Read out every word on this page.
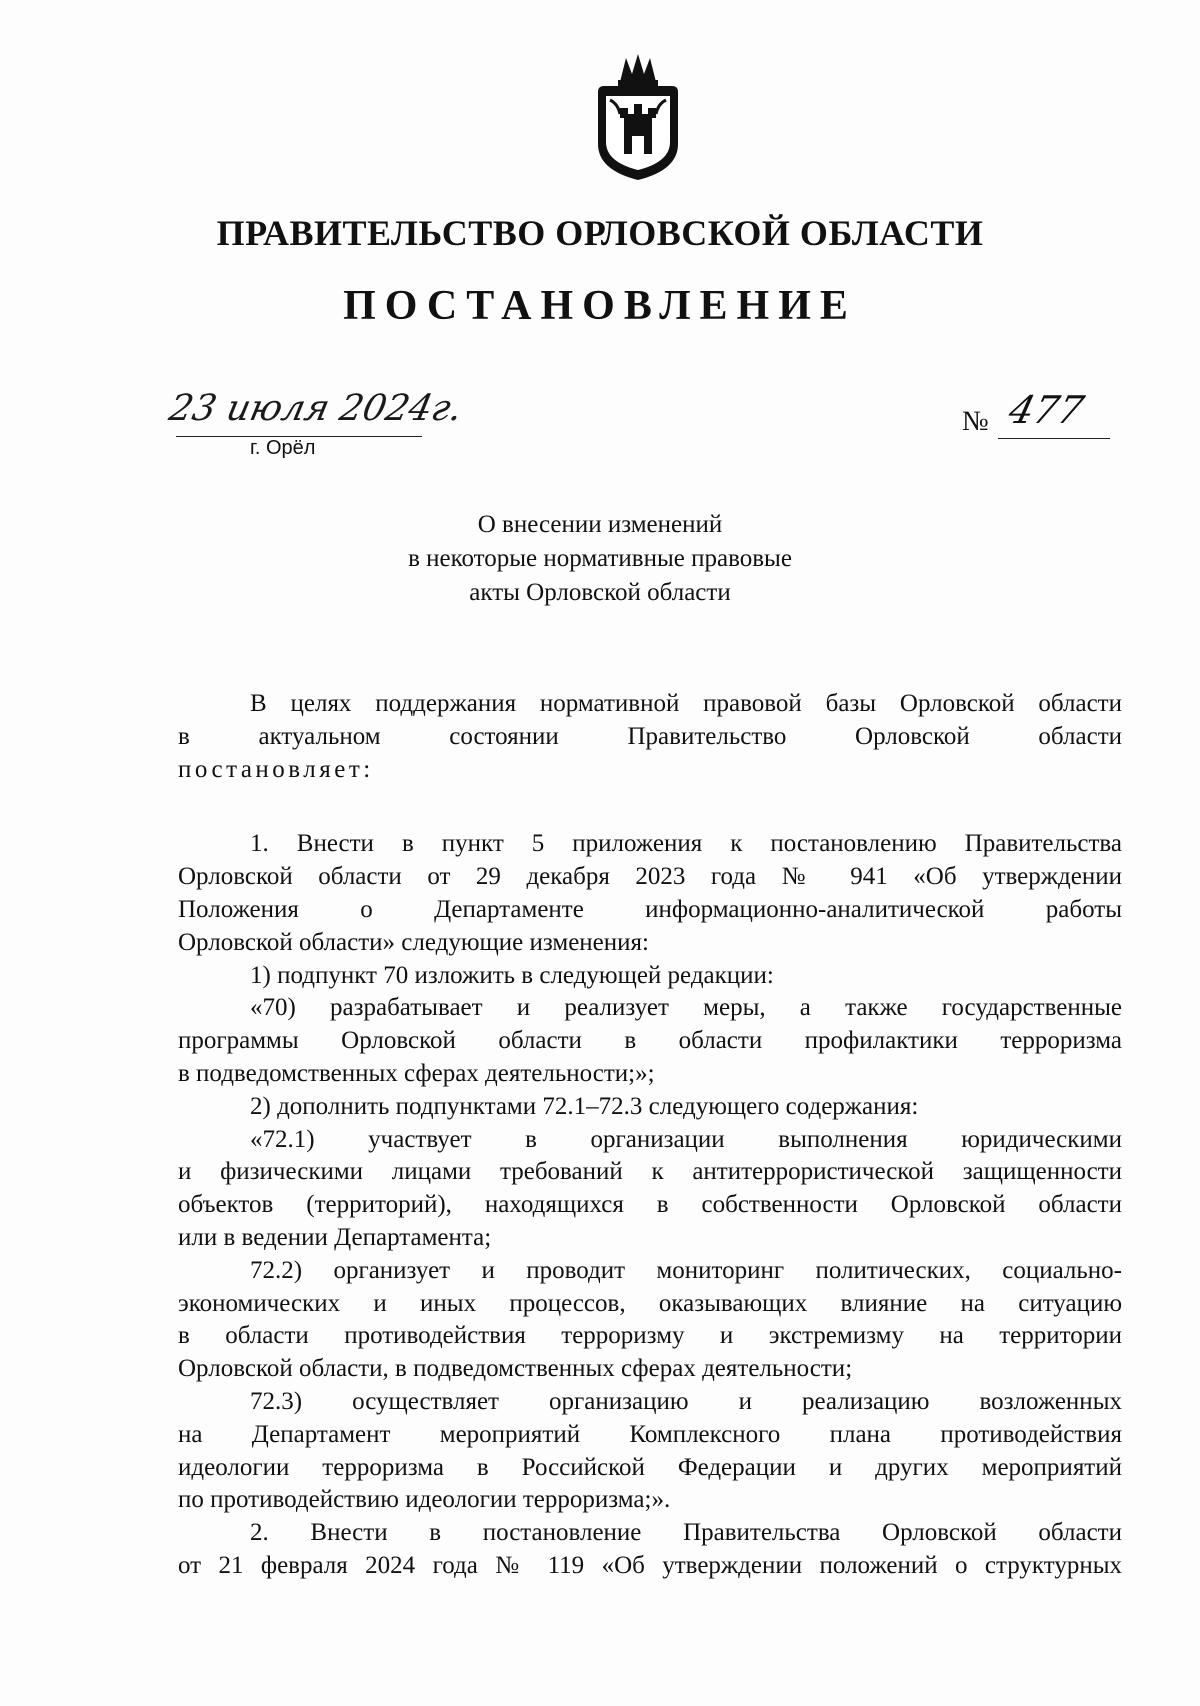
ПРАВИТЕЛЬСТВО ОРЛОВСКОЙ ОБЛАСТИ
ПОСТАНОВЛЕНИЕ
23 июля 2024г.
г. Орёл
№ 477
О внесении изменений
в некоторые нормативные правовые
акты Орловской области
В целях поддержания нормативной правовой базы Орловской области
в актуальном состоянии Правительство Орловской области
постановляет:
1. Внести в пункт 5 приложения к постановлению Правительства
Орловской области от 29 декабря 2023 года № 941 «Об утверждении
Положения о Департаменте информационно-аналитической работы
Орловской области» следующие изменения:
1) подпункт 70 изложить в следующей редакции:
«70) разрабатывает и реализует меры, а также государственные
программы Орловской области в области профилактики терроризма
в подведомственных сферах деятельности;»;
2) дополнить подпунктами 72.1–72.3 следующего содержания:
«72.1) участвует в организации выполнения юридическими
и физическими лицами требований к антитеррористической защищенности
объектов (территорий), находящихся в собственности Орловской области
или в ведении Департамента;
72.2) организует и проводит мониторинг политических, социально-
экономических и иных процессов, оказывающих влияние на ситуацию
в области противодействия терроризму и экстремизму на территории
Орловской области, в подведомственных сферах деятельности;
72.3) осуществляет организацию и реализацию возложенных
на Департамент мероприятий Комплексного плана противодействия
идеологии терроризма в Российской Федерации и других мероприятий
по противодействию идеологии терроризма;».
2. Внести в постановление Правительства Орловской области
от 21 февраля 2024 года № 119 «Об утверждении положений о структурных
